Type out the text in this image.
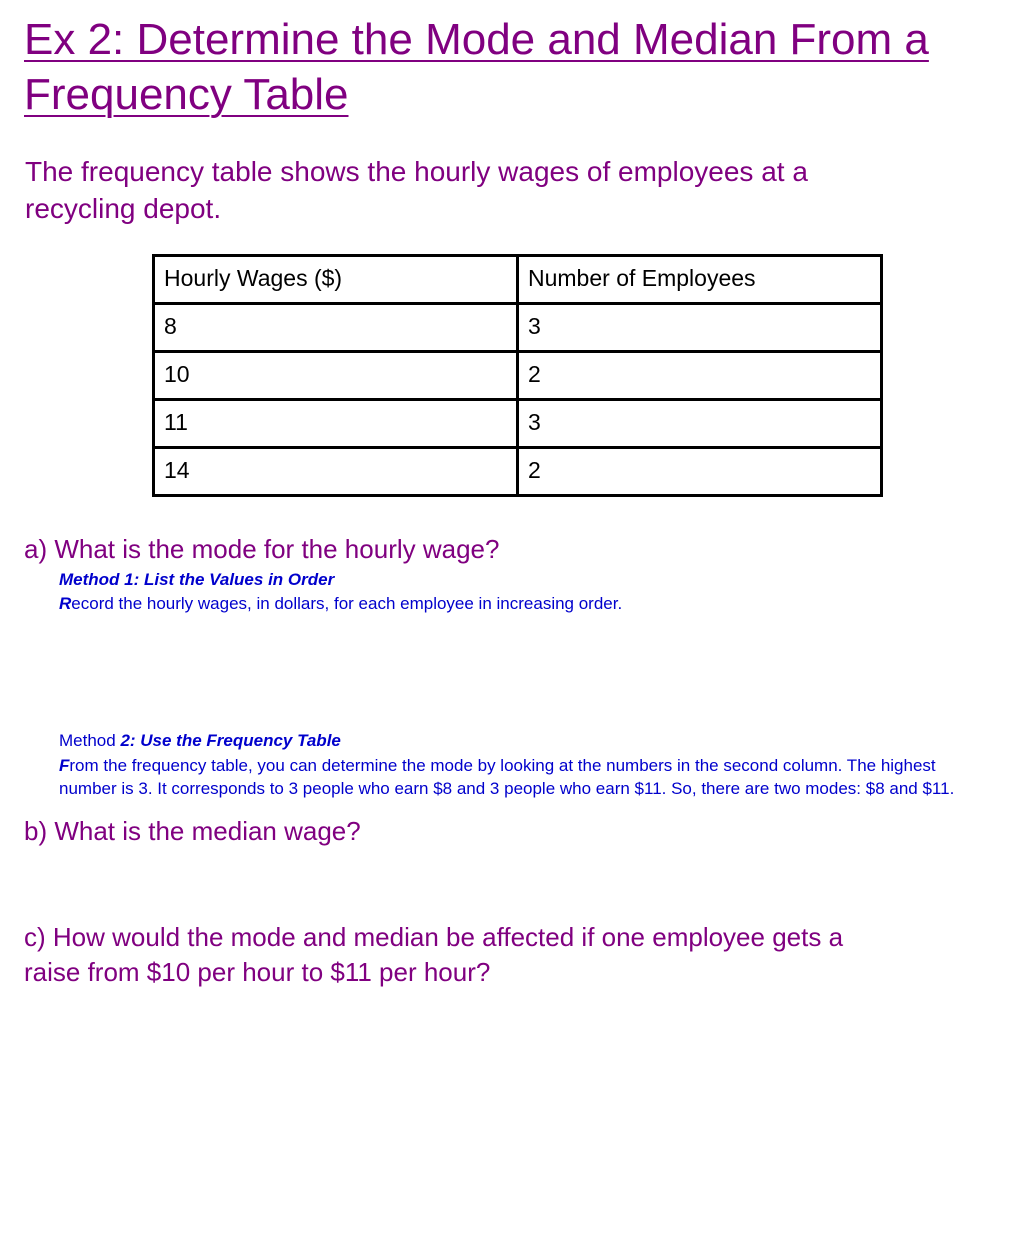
Ex 2: Determine the Mode and Median From a Frequency Table
The frequency table shows the hourly wages of employees at a recycling depot.
Hourly Wages ($)	Number of Employees
8	3
10	2
11	3
14	2
a) What is the mode for the hourly wage?
Method 1: List the Values in Order
Record the hourly wages, in dollars, for each employee in increasing order.
Method 2: Use the Frequency Table
From the frequency table, you can determine the mode by looking at the numbers in the second column. The highest number is 3. It corresponds to 3 people who earn $8 and 3 people who earn $11. So, there are two modes: $8 and $11.
b) What is the median wage?
c) How would the mode and median be affected if one employee gets a raise from $10 per hour to $11 per hour?
